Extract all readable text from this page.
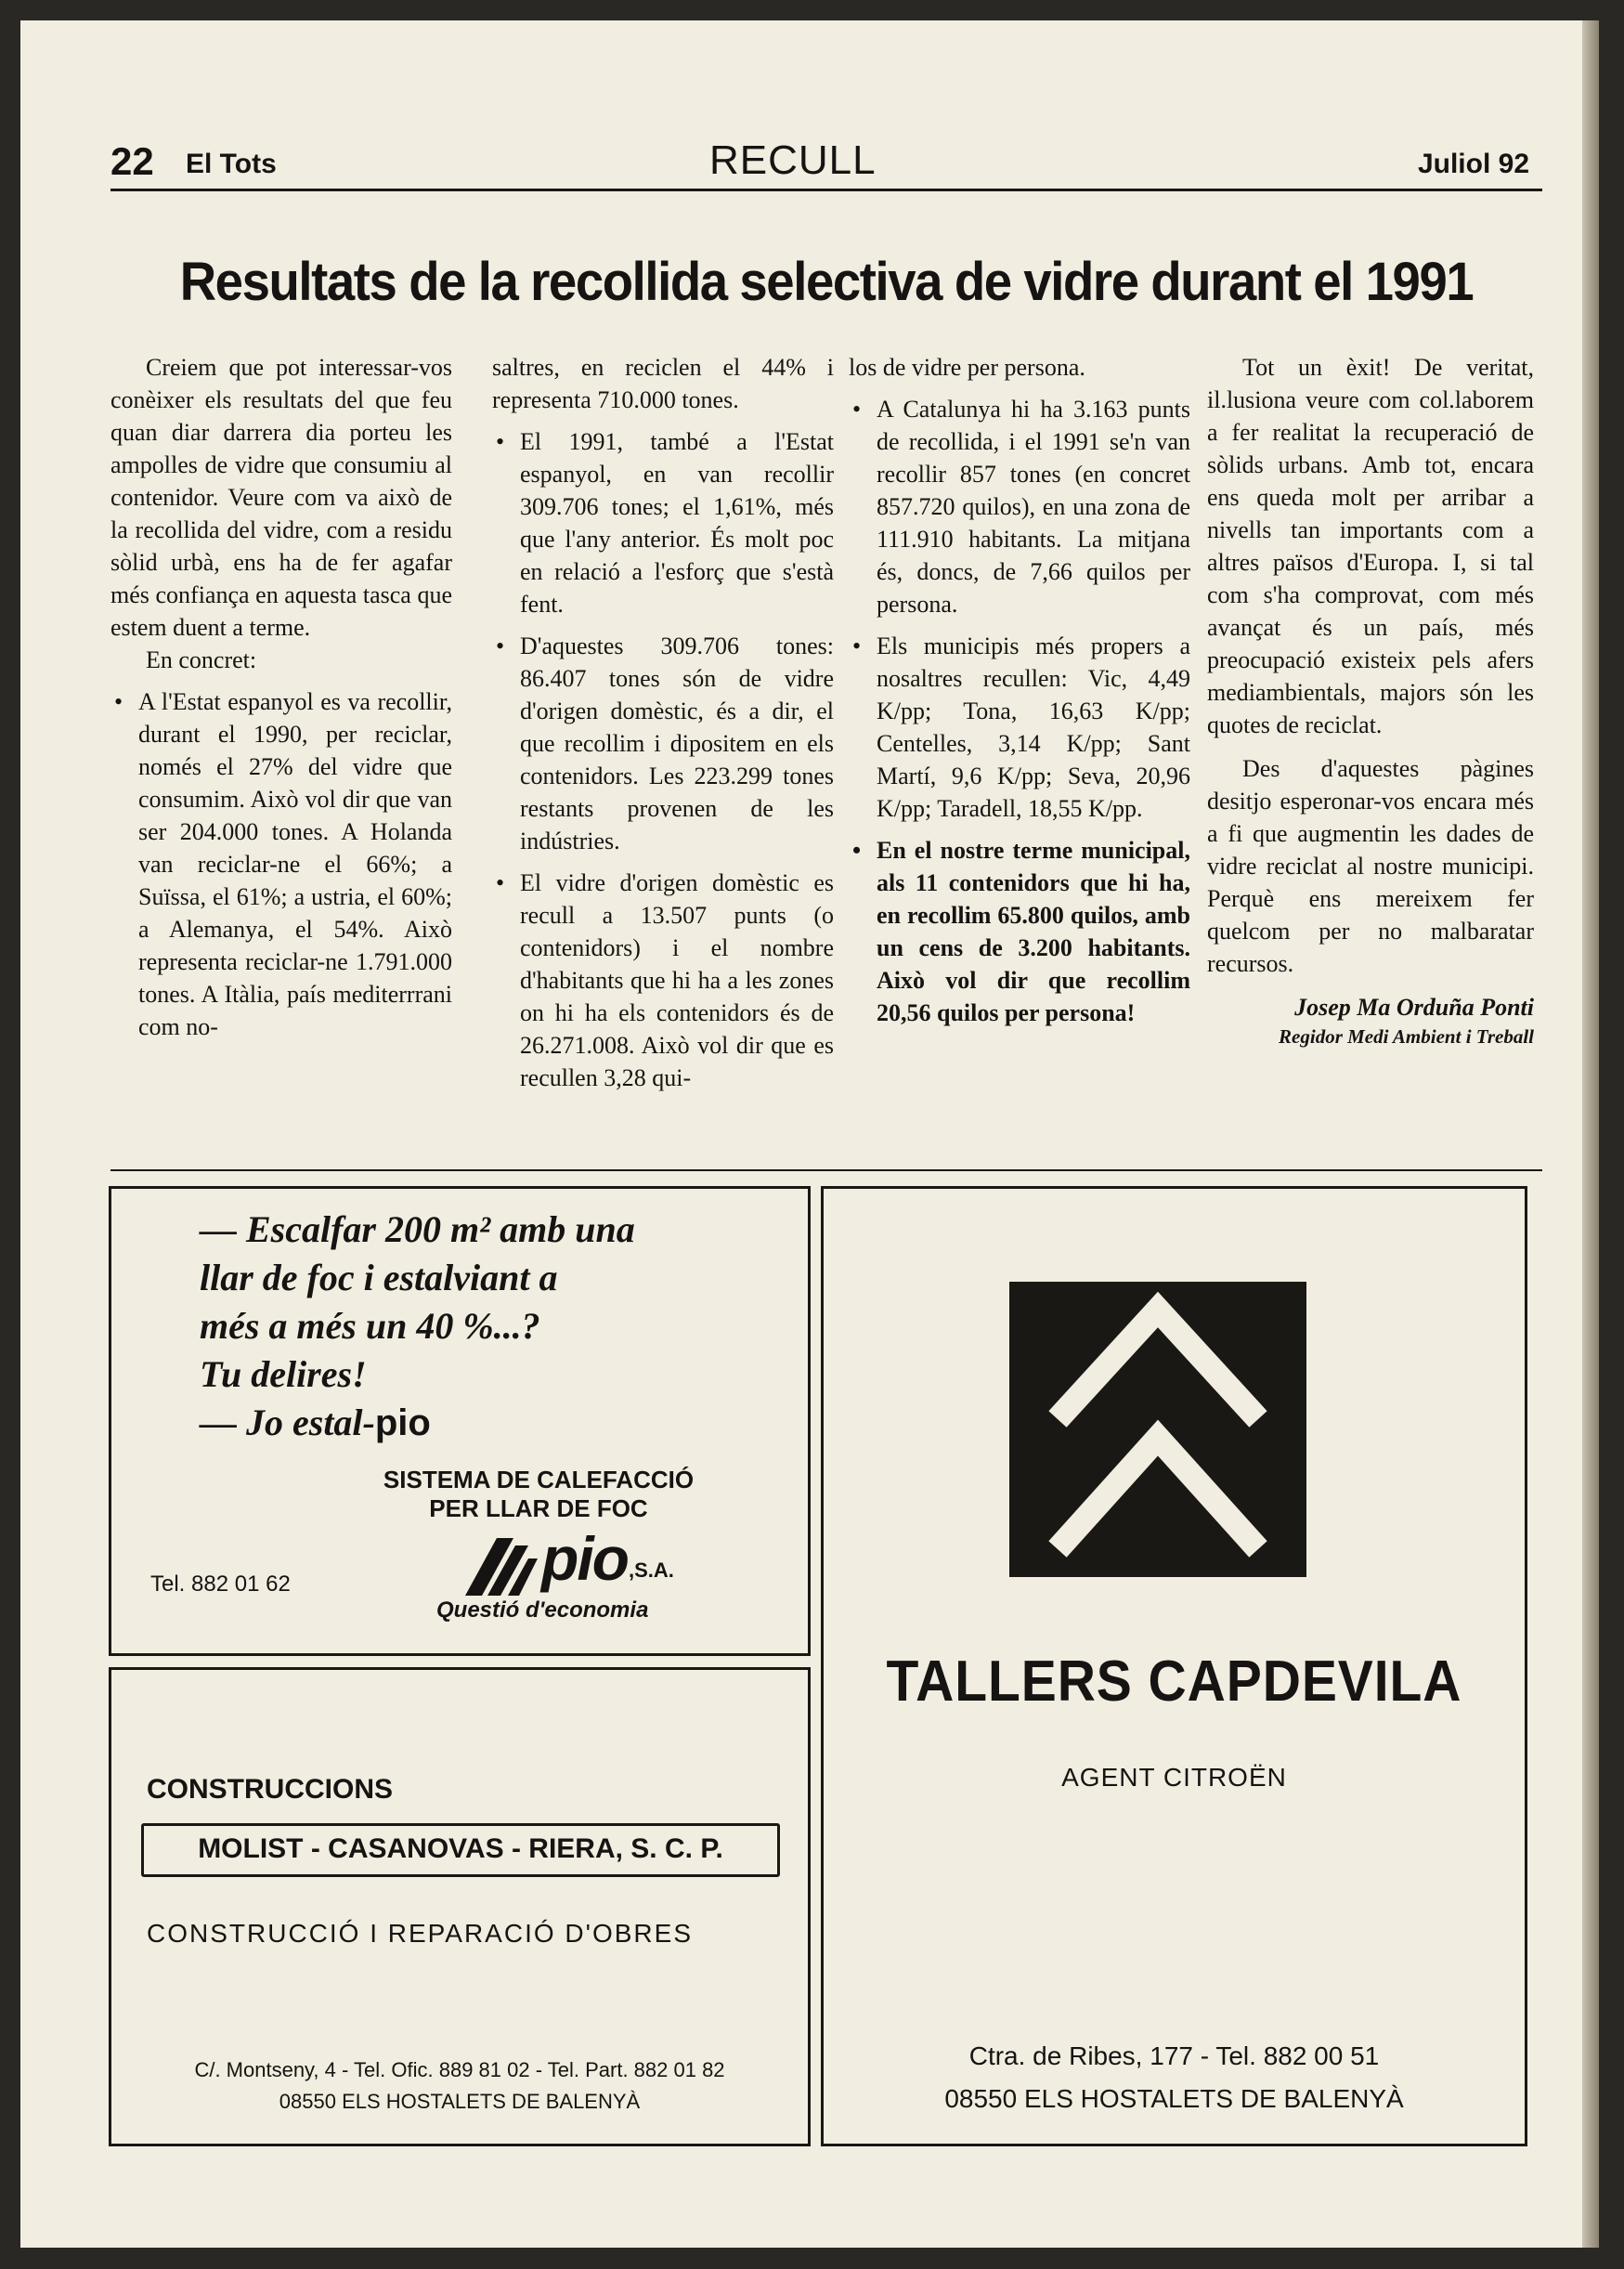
22 El Tots	RECULL	Juliol 92
Resultats de la recollida selectiva de vidre durant el 1991

Creiem que pot interessar-vos conèixer els resultats del que feu quan diar darrera dia porteu les ampolles de vidre que consumiu al contenidor. Veure com va això de la recollida del vidre, com a residu sòlid urbà, ens ha de fer agafar més confiança en aquesta tasca que estem duent a terme.

En concret:

• A l'Estat espanyol es va recollir, durant el 1990, per reciclar, només el 27% del vidre que consumim. Això vol dir que van ser 204.000 tones. A Holanda van reciclar-ne el 66%; a Suïssa, el 61%; a ustria, el 60%; a Alemanya, el 54%. Això representa reciclar-ne 1.791.000 tones. A Itàlia, país mediterrrani com no-

saltres, en reciclen el 44% i representa 710.000 tones.

• El 1991, també a l'Estat espanyol, en van recollir 309.706 tones; el 1,61%, més que l'any anterior. És molt poc en relació a l'esforç que s'està fent.

• D'aquestes 309.706 tones: 86.407 tones són de vidre d'origen domèstic, és a dir, el que recollim i dipositem en els contenidors. Les 223.299 tones restants provenen de les indústries.

• El vidre d'origen domèstic es recull a 13.507 punts (o contenidors) i el nombre d'habitants que hi ha a les zones on hi ha els contenidors és de 26.271.008. Això vol dir que es recullen 3,28 qui-

los de vidre per persona.

• A Catalunya hi ha 3.163 punts de recollida, i el 1991 se'n van recollir 857 tones (en concret 857.720 quilos), en una zona de 111.910 habitants. La mitjana és, doncs, de 7,66 quilos per persona.

• Els municipis més propers a nosaltres recullen: Vic, 4,49 K/pp; Tona, 16,63 K/pp; Centelles, 3,14 K/pp; Sant Martí, 9,6 K/pp; Seva, 20,96 K/pp; Taradell, 18,55 K/pp.

• En el nostre terme municipal, als 11 contenidors que hi ha, en recollim 65.800 quilos, amb un cens de 3.200 habitants. Això vol dir que recollim 20,56 quilos per persona!

Tot un èxit! De veritat, il.lusiona veure com col.laborem a fer realitat la recuperació de sòlids urbans. Amb tot, encara ens queda molt per arribar a nivells tan importants com a altres països d'Europa. I, si tal com s'ha comprovat, com més avançat és un país, més preocupació existeix pels afers mediambientals, majors són les quotes de reciclat.

Des d'aquestes pàgines desitjo esperonar-vos encara més a fi que augmentin les dades de vidre reciclat al nostre municipi. Perquè ens mereixem fer quelcom per no malbaratar recursos.

Josep Ma Orduña Ponti

Regidor Medi Ambient i Treball

— Escalfar 200 m² amb una
llar de foc i estalviant a
més a més un 40 %...?
Tu delires!
— Jo estal-pio
SISTEMA DE CALEFACCIÓ
PER LLAR DE FOC
Tel. 882 01 62	pio ,S.A.
Questió d'economia
CONSTRUCCIONS
MOLIST - CASANOVAS - RIERA, S. C. P.
CONSTRUCCIÓ I REPARACIÓ D'OBRES
C/. Montseny, 4 - Tel. Ofic. 889 81 02 - Tel. Part. 882 01 82
08550 ELS HOSTALETS DE BALENYÀ
TALLERS CAPDEVILA
AGENT CITROËN
Ctra. de Ribes, 177 - Tel. 882 00 51
08550 ELS HOSTALETS DE BALENYÀ
